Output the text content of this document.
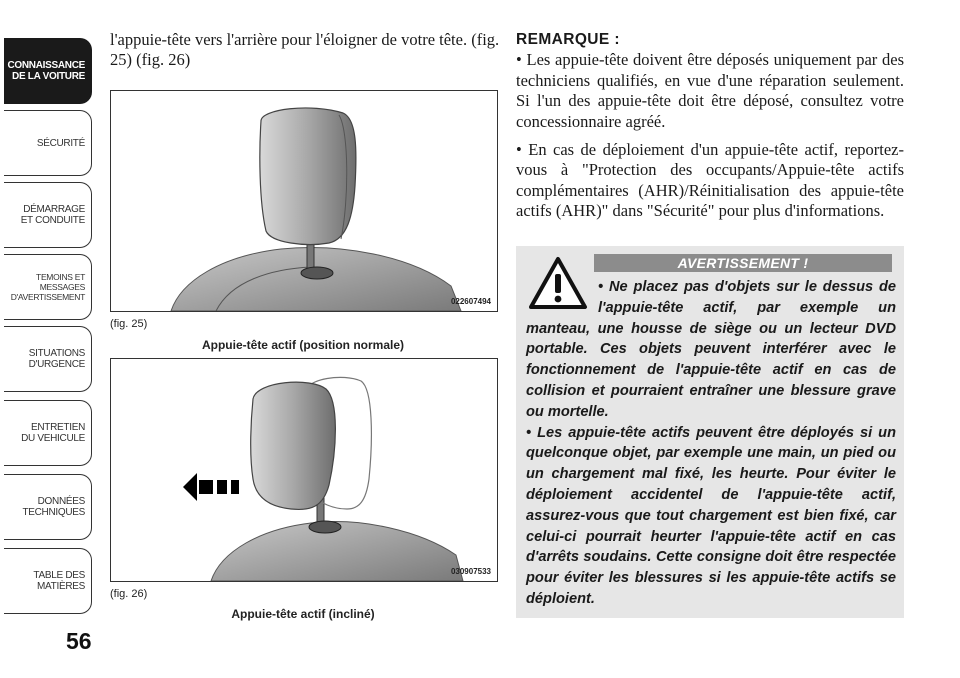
CONNAISSANCE
DE LA VOITURE
SÉCURITÉ
DÉMARRAGE
ET CONDUITE
TEMOINS ET
MESSAGES
D'AVERTISSEMENT
SITUATIONS
D'URGENCE
ENTRETIEN
DU VEHICULE
DONNÉES
TECHNIQUES
TABLE DES
MATIÈRES
56
l'appuie-tête vers l'arrière pour l'éloigner de votre tête. (fig. 25) (fig. 26)
022607494
(fig. 25)
Appuie-tête actif (position normale)
030907533
(fig. 26)
Appuie-tête actif (incliné)
REMARQUE :

• Les appuie-tête doivent être déposés uniquement par des techniciens qualifiés, en vue d'une réparation seulement. Si l'un des appuie-tête doit être déposé, consultez votre concessionnaire agréé.

• En cas de déploiement d'un appuie-tête actif, reportez-vous à "Protection des occupants/Appuie-tête actifs complémentaires (AHR)/Réinitialisation des appuie-tête actifs (AHR)" dans "Sécurité" pour plus d'informations.

AVERTISSEMENT !

• Ne placez pas d'objets sur le dessus de l'appuie-tête actif, par exemple un manteau, une housse de siège ou un lecteur DVD portable. Ces objets peuvent interférer avec le fonctionnement de l'appuie-tête actif en cas de collision et pourraient entraîner une blessure grave ou mortelle.

• Les appuie-tête actifs peuvent être déployés si un quelconque objet, par exemple une main, un pied ou un chargement mal fixé, les heurte. Pour éviter le déploiement accidentel de l'appuie-tête actif, assurez-vous que tout chargement est bien fixé, car celui-ci pourrait heurter l'appuie-tête actif en cas d'arrêts soudains. Cette consigne doit être respectée pour éviter les blessures si les appuie-tête actifs se déploient.
